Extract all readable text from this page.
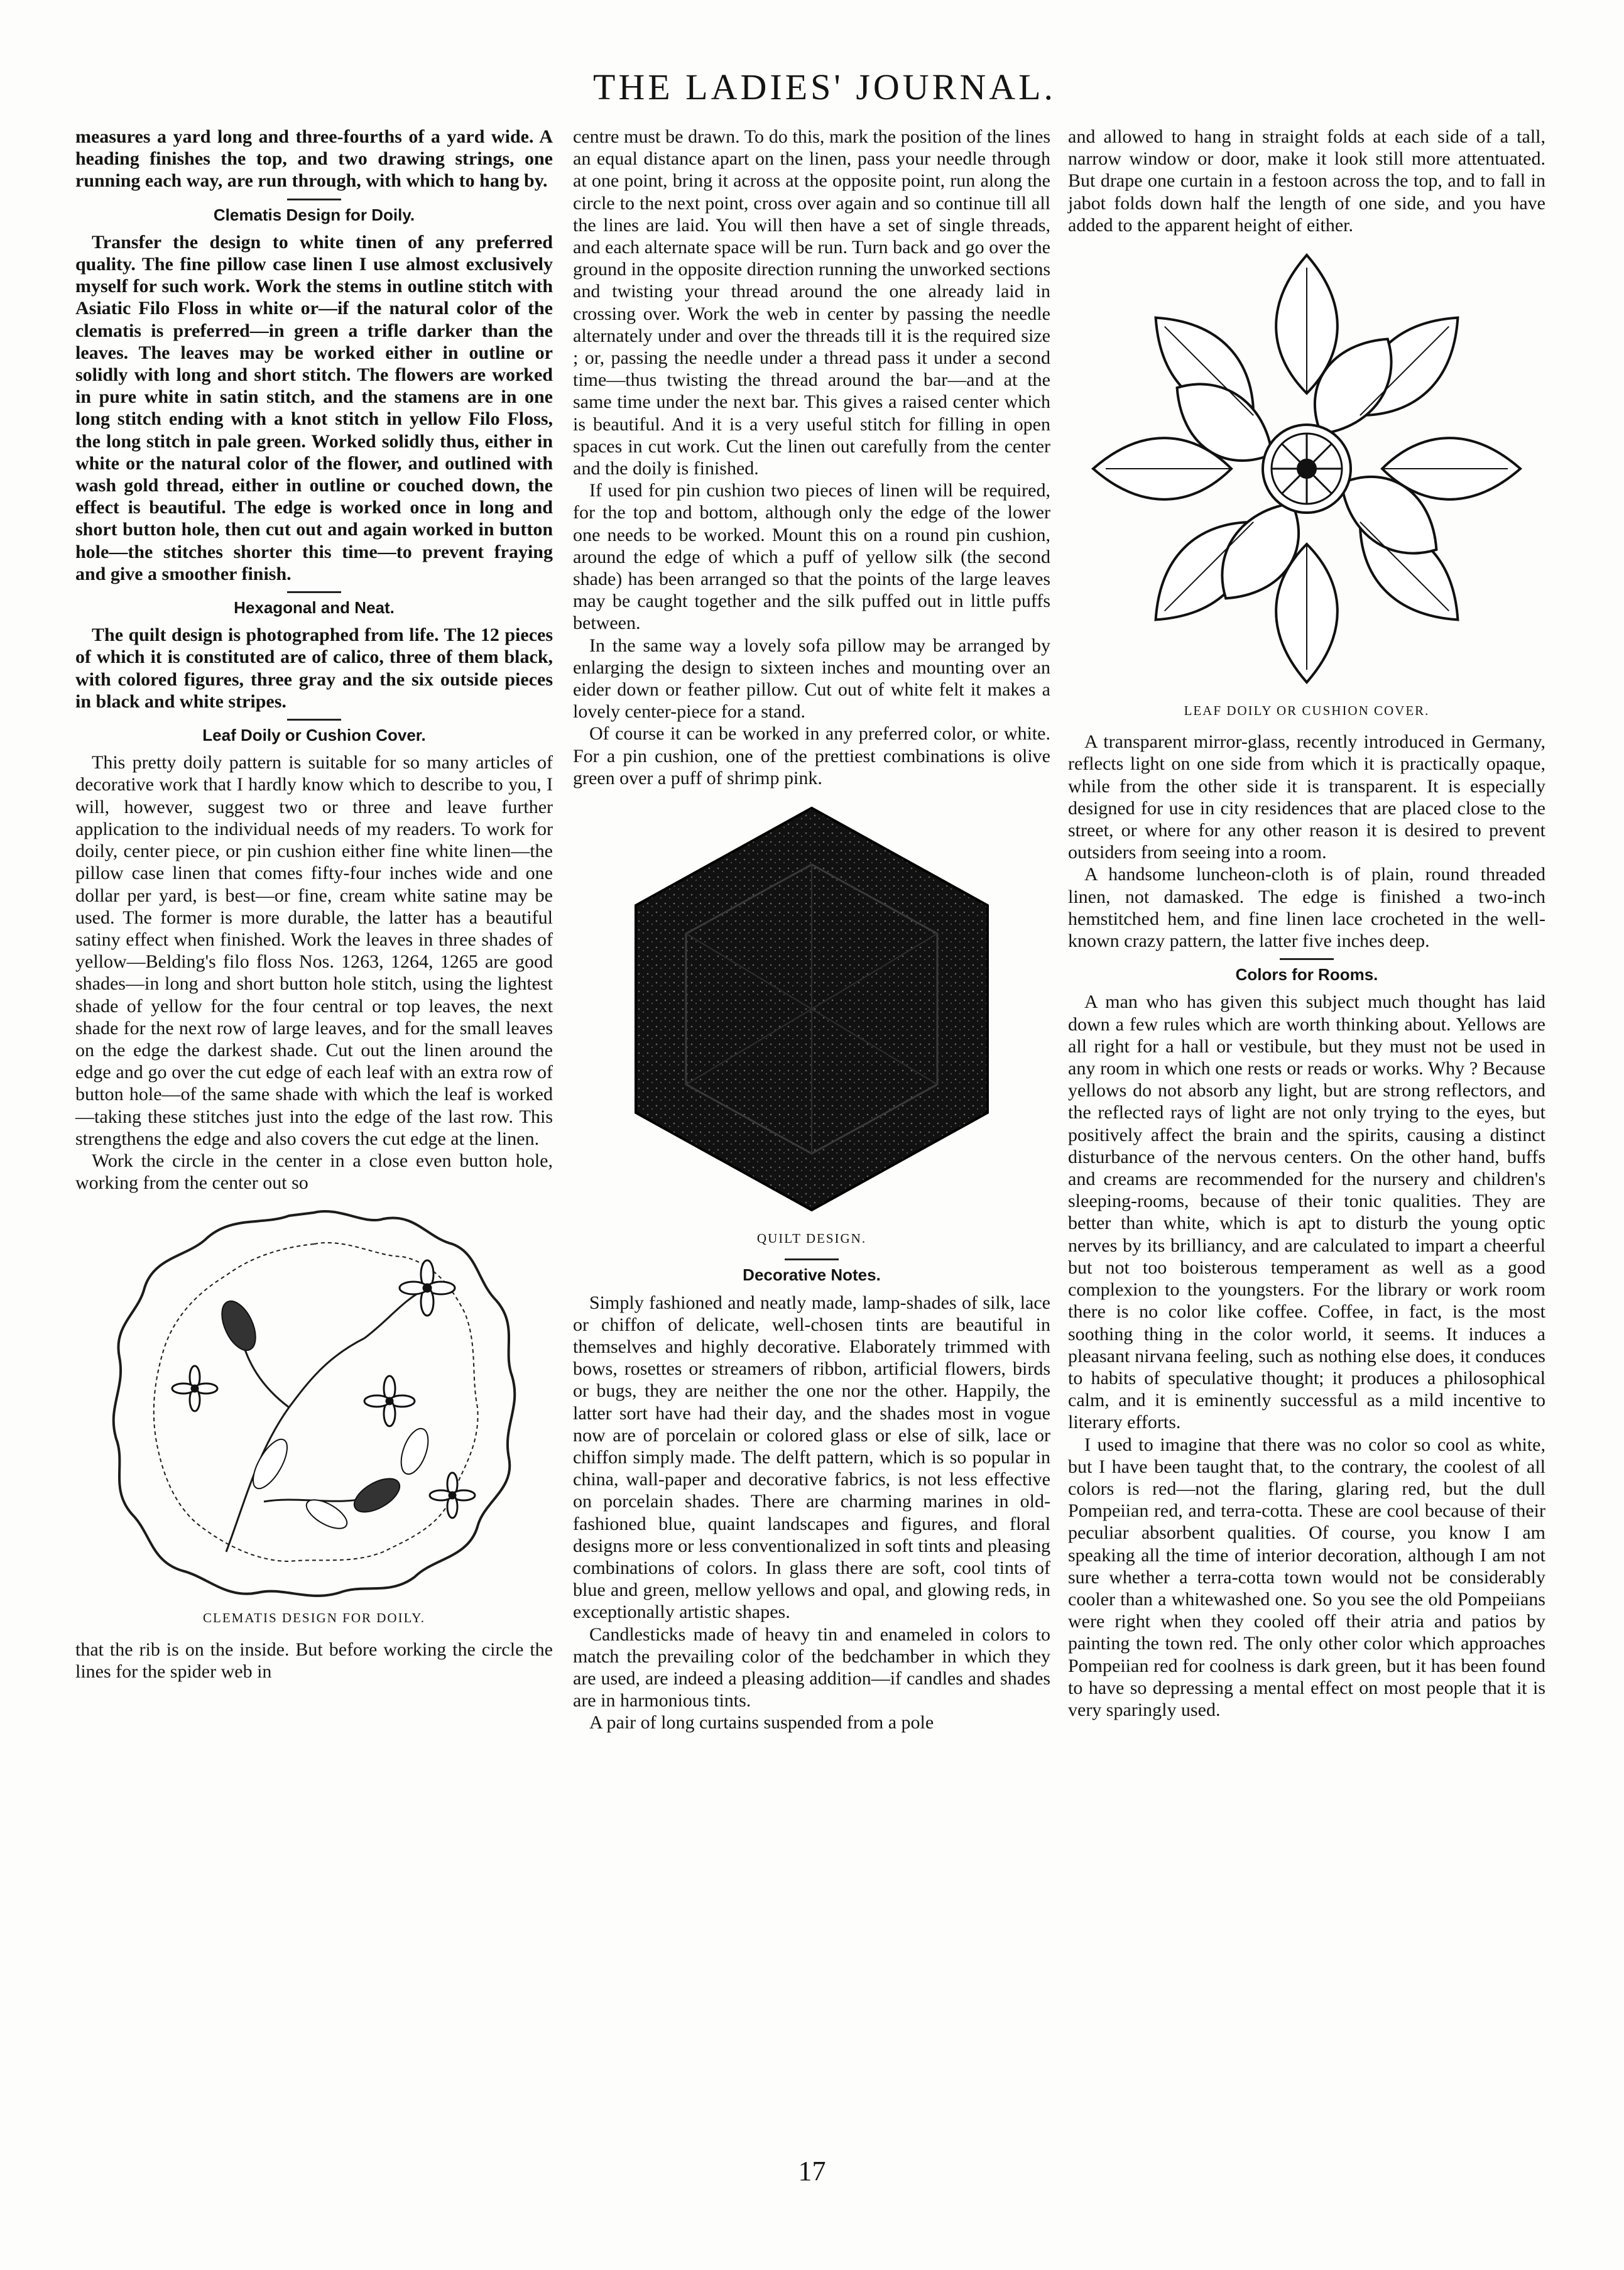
THE LADIES' JOURNAL.

measures a yard long and three-fourths of a yard wide. A heading finishes the top, and two drawing strings, one running each way, are run through, with which to hang by.

Clematis Design for Doily.

Transfer the design to white tinen of any preferred quality. The fine pillow case linen I use almost exclusively myself for such work. Work the stems in outline stitch with Asiatic Filo Floss in white or—if the natural color of the clematis is preferred—in green a trifle darker than the leaves. The leaves may be worked either in outline or solidly with long and short stitch. The flowers are worked in pure white in satin stitch, and the stamens are in one long stitch ending with a knot stitch in yellow Filo Floss, the long stitch in pale green. Worked solidly thus, either in white or the natural color of the flower, and outlined with wash gold thread, either in outline or couched down, the effect is beautiful. The edge is worked once in long and short button hole, then cut out and again worked in button hole—the stitches shorter this time—to prevent fraying and give a smoother finish.

Hexagonal and Neat.

The quilt design is photographed from life. The 12 pieces of which it is constituted are of calico, three of them black, with colored figures, three gray and the six outside pieces in black and white stripes.

Leaf Doily or Cushion Cover.

This pretty doily pattern is suitable for so many articles of decorative work that I hardly know which to describe to you, I will, however, suggest two or three and leave further application to the individual needs of my readers. To work for doily, center piece, or pin cushion either fine white linen—the pillow case linen that comes fifty-four inches wide and one dollar per yard, is best—or fine, cream white satine may be used. The former is more durable, the latter has a beautiful satiny effect when finished. Work the leaves in three shades of yellow—Belding's filo floss Nos. 1263, 1264, 1265 are good shades—in long and short button hole stitch, using the lightest shade of yellow for the four central or top leaves, the next shade for the next row of large leaves, and for the small leaves on the edge the darkest shade. Cut out the linen around the edge and go over the cut edge of each leaf with an extra row of button hole—of the same shade with which the leaf is worked—taking these stitches just into the edge of the last row. This strengthens the edge and also covers the cut edge at the linen.

Work the circle in the center in a close even button hole, working from the center out so

CLEMATIS DESIGN FOR DOILY.

that the rib is on the inside. But before working the circle the lines for the spider web in

centre must be drawn. To do this, mark the position of the lines an equal distance apart on the linen, pass your needle through at one point, bring it across at the opposite point, run along the circle to the next point, cross over again and so continue till all the lines are laid. You will then have a set of single threads, and each alternate space will be run. Turn back and go over the ground in the opposite direction running the unworked sections and twisting your thread around the one already laid in crossing over. Work the web in center by passing the needle alternately under and over the threads till it is the required size ; or, passing the needle under a thread pass it under a second time—thus twisting the thread around the bar—and at the same time under the next bar. This gives a raised center which is beautiful. And it is a very useful stitch for filling in open spaces in cut work. Cut the linen out carefully from the center and the doily is finished.

If used for pin cushion two pieces of linen will be required, for the top and bottom, although only the edge of the lower one needs to be worked. Mount this on a round pin cushion, around the edge of which a puff of yellow silk (the second shade) has been arranged so that the points of the large leaves may be caught together and the silk puffed out in little puffs between.

In the same way a lovely sofa pillow may be arranged by enlarging the design to sixteen inches and mounting over an eider down or feather pillow. Cut out of white felt it makes a lovely center-piece for a stand.

Of course it can be worked in any preferred color, or white. For a pin cushion, one of the prettiest combinations is olive green over a puff of shrimp pink.

QUILT DESIGN.
Decorative Notes.

Simply fashioned and neatly made, lamp-shades of silk, lace or chiffon of delicate, well-chosen tints are beautiful in themselves and highly decorative. Elaborately trimmed with bows, rosettes or streamers of ribbon, artificial flowers, birds or bugs, they are neither the one nor the other. Happily, the latter sort have had their day, and the shades most in vogue now are of porcelain or colored glass or else of silk, lace or chiffon simply made. The delft pattern, which is so popular in china, wall-paper and decorative fabrics, is not less effective on porcelain shades. There are charming marines in old-fashioned blue, quaint landscapes and figures, and floral designs more or less conventionalized in soft tints and pleasing combinations of colors. In glass there are soft, cool tints of blue and green, mellow yellows and opal, and glowing reds, in exceptionally artistic shapes.

Candlesticks made of heavy tin and enameled in colors to match the prevailing color of the bedchamber in which they are used, are indeed a pleasing addition—if candles and shades are in harmonious tints.

A pair of long curtains suspended from a pole

and allowed to hang in straight folds at each side of a tall, narrow window or door, make it look still more attentuated. But drape one curtain in a festoon across the top, and to fall in jabot folds down half the length of one side, and you have added to the apparent height of either.

LEAF DOILY OR CUSHION COVER.

A transparent mirror-glass, recently introduced in Germany, reflects light on one side from which it is practically opaque, while from the other side it is transparent. It is especially designed for use in city residences that are placed close to the street, or where for any other reason it is desired to prevent outsiders from seeing into a room.

A handsome luncheon-cloth is of plain, round threaded linen, not damasked. The edge is finished a two-inch hemstitched hem, and fine linen lace crocheted in the well-known crazy pattern, the latter five inches deep.

Colors for Rooms.

A man who has given this subject much thought has laid down a few rules which are worth thinking about. Yellows are all right for a hall or vestibule, but they must not be used in any room in which one rests or reads or works. Why ? Because yellows do not absorb any light, but are strong reflectors, and the reflected rays of light are not only trying to the eyes, but positively affect the brain and the spirits, causing a distinct disturbance of the nervous centers. On the other hand, buffs and creams are recommended for the nursery and children's sleeping-rooms, because of their tonic qualities. They are better than white, which is apt to disturb the young optic nerves by its brilliancy, and are calculated to impart a cheerful but not too boisterous temperament as well as a good complexion to the youngsters. For the library or work room there is no color like coffee. Coffee, in fact, is the most soothing thing in the color world, it seems. It induces a pleasant nirvana feeling, such as nothing else does, it conduces to habits of speculative thought; it produces a philosophical calm, and it is eminently successful as a mild incentive to literary efforts.

I used to imagine that there was no color so cool as white, but I have been taught that, to the contrary, the coolest of all colors is red—not the flaring, glaring red, but the dull Pompeiian red, and terra-cotta. These are cool because of their peculiar absorbent qualities. Of course, you know I am speaking all the time of interior decoration, although I am not sure whether a terra-cotta town would not be considerably cooler than a whitewashed one. So you see the old Pompeiians were right when they cooled off their atria and patios by painting the town red. The only other color which approaches Pompeiian red for coolness is dark green, but it has been found to have so depressing a mental effect on most people that it is very sparingly used.

17
